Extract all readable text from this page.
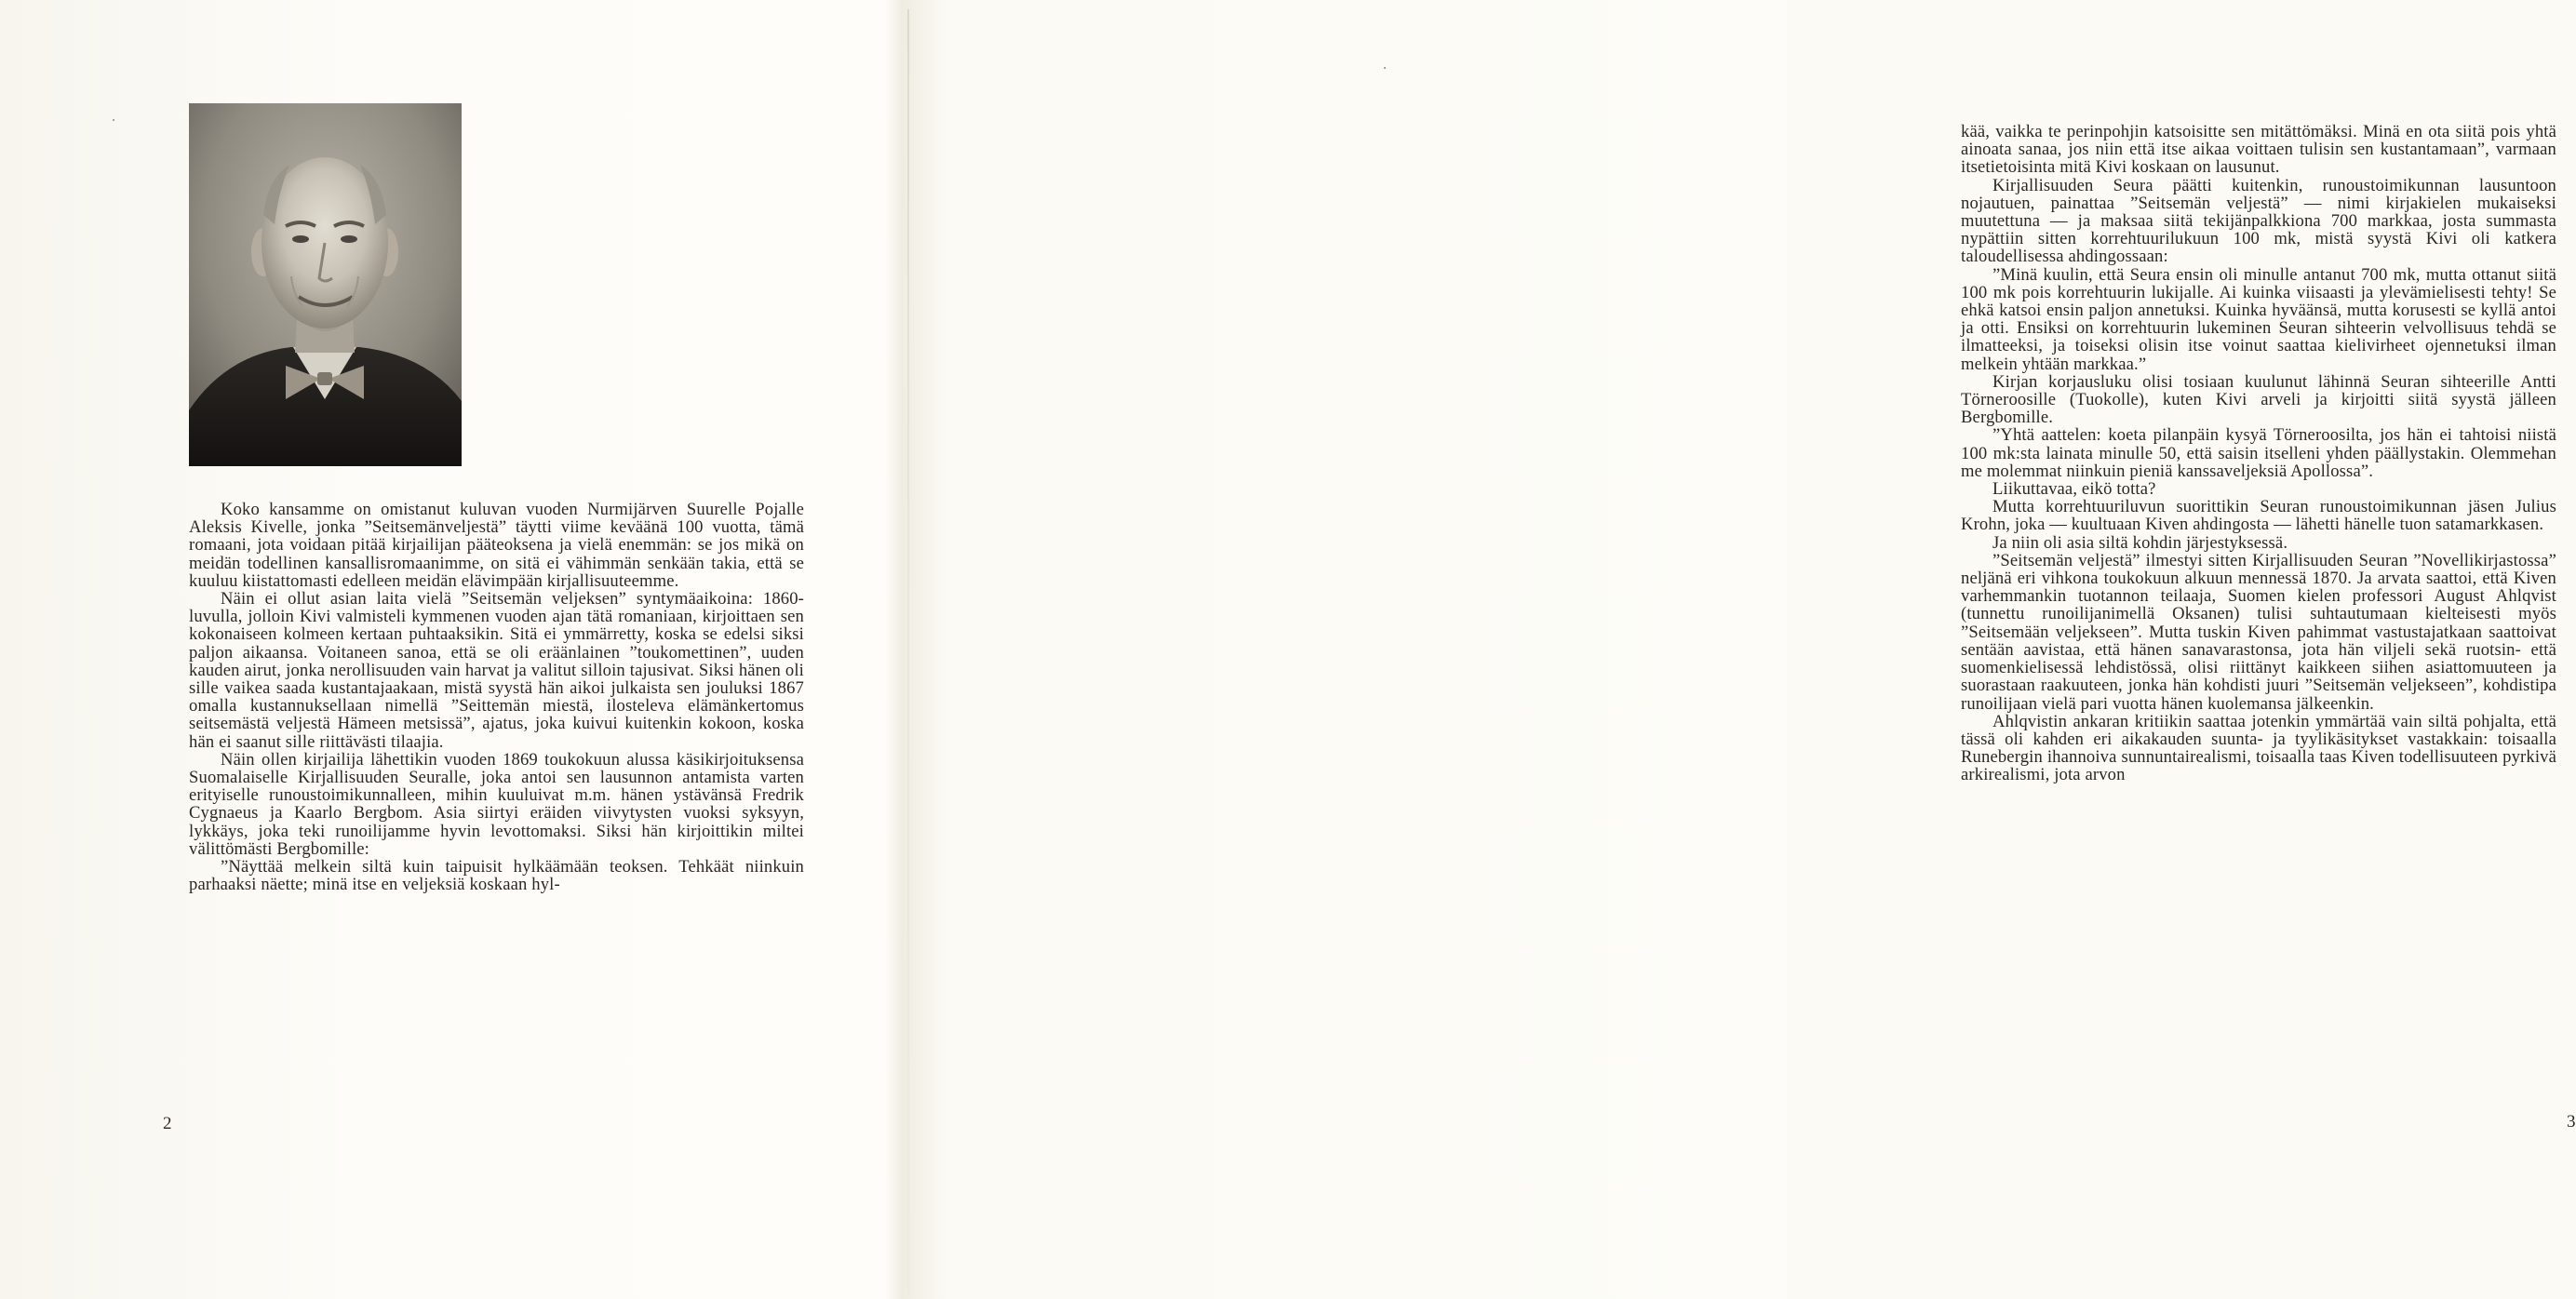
Koko kansamme on omistanut kuluvan vuoden Nurmijärven Suurelle Pojalle Aleksis Kivelle, jonka ”Seitsemänveljestä” täytti viime keväänä 100 vuotta, tämä romaani, jota voidaan pitää kirjailijan pääteoksena ja vielä enemmän: se jos mikä on meidän todellinen kansallisromaanimme, on sitä ei vähimmän senkään takia, että se kuuluu kiistattomasti edelleen meidän elävimpään kirjallisuuteemme.

Näin ei ollut asian laita vielä ”Seitsemän veljeksen” syntymäaikoina: 1860-luvulla, jolloin Kivi valmisteli kymmenen vuoden ajan tätä romaniaan, kirjoittaen sen kokonaiseen kolmeen kertaan puhtaaksikin. Sitä ei ymmärretty, koska se edelsi siksi paljon aikaansa. Voitaneen sanoa, että se oli eräänlainen ”toukomettinen”, uuden kauden airut, jonka nerollisuuden vain harvat ja valitut silloin tajusivat. Siksi hänen oli sille vaikea saada kustantajaakaan, mistä syystä hän aikoi julkaista sen jouluksi 1867 omalla kustannuksellaan nimellä ”Seittemän miestä, ilosteleva elämänkertomus seitsemästä veljestä Hämeen metsissä”, ajatus, joka kuivui kuitenkin kokoon, koska hän ei saanut sille riittävästi tilaajia.

Näin ollen kirjailija lähettikin vuoden 1869 toukokuun alussa käsikirjoituksensa Suomalaiselle Kirjallisuuden Seuralle, joka antoi sen lausunnon antamista varten erityiselle runoustoimikunnalleen, mihin kuuluivat m.m. hänen ystävänsä Fredrik Cygnaeus ja Kaarlo Bergbom. Asia siirtyi eräiden viivytysten vuoksi syksyyn, lykkäys, joka teki runoilijamme hyvin levottomaksi. Siksi hän kirjoittikin miltei välittömästi Bergbomille:

”Näyttää melkein siltä kuin taipuisit hylkäämään teoksen. Tehkäät niinkuin parhaaksi näette; minä itse en veljeksiä koskaan hyl-

2

kää, vaikka te perinpohjin katsoisitte sen mitättömäksi. Minä en ota siitä pois yhtä ainoata sanaa, jos niin että itse aikaa voittaen tulisin sen kustantamaan”, varmaan itsetietoisinta mitä Kivi koskaan on lausunut.

Kirjallisuuden Seura päätti kuitenkin, runoustoimikunnan lausuntoon nojautuen, painattaa ”Seitsemän veljestä” — nimi kirjakielen mukaiseksi muutettuna — ja maksaa siitä tekijänpalkkiona 700 markkaa, josta summasta nypättiin sitten korrehtuurilukuun 100 mk, mistä syystä Kivi oli katkera taloudellisessa ahdingossaan:

”Minä kuulin, että Seura ensin oli minulle antanut 700 mk, mutta ottanut siitä 100 mk pois korrehtuurin lukijalle. Ai kuinka viisaasti ja ylevämielisesti tehty! Se ehkä katsoi ensin paljon annetuksi. Kuinka hyväänsä, mutta korusesti se kyllä antoi ja otti. Ensiksi on korrehtuurin lukeminen Seuran sihteerin velvollisuus tehdä se ilmatteeksi, ja toiseksi olisin itse voinut saattaa kielivirheet ojennetuksi ilman melkein yhtään markkaa.”

Kirjan korjausluku olisi tosiaan kuulunut lähinnä Seuran sihteerille Antti Törneroosille (Tuokolle), kuten Kivi arveli ja kirjoitti siitä syystä jälleen Bergbomille.

”Yhtä aattelen: koeta pilanpäin kysyä Törneroosilta, jos hän ei tahtoisi niistä 100 mk:sta lainata minulle 50, että saisin itselleni yhden päällystakin. Olemmehan me molemmat niinkuin pieniä kanssaveljeksiä Apollossa”.

Liikuttavaa, eikö totta?

Mutta korrehtuuriluvun suorittikin Seuran runoustoimikunnan jäsen Julius Krohn, joka — kuultuaan Kiven ahdingosta — lähetti hänelle tuon satamarkkasen.

Ja niin oli asia siltä kohdin järjestyksessä.

”Seitsemän veljestä” ilmestyi sitten Kirjallisuuden Seuran ”Novellikirjastossa” neljänä eri vihkona toukokuun alkuun mennessä 1870. Ja arvata saattoi, että Kiven varhemmankin tuotannon teilaaja, Suomen kielen professori August Ahlqvist (tunnettu runoilijanimellä Oksanen) tulisi suhtautumaan kielteisesti myös ”Seitsemään veljekseen”. Mutta tuskin Kiven pahimmat vastustajatkaan saattoivat sentään aavistaa, että hänen sanavarastonsa, jota hän viljeli sekä ruotsin- että suomenkielisessä lehdistössä, olisi riittänyt kaikkeen siihen asiattomuuteen ja suorastaan raakuuteen, jonka hän kohdisti juuri ”Seitsemän veljekseen”, kohdistipa runoilijaan vielä pari vuotta hänen kuolemansa jälkeenkin.

Ahlqvistin ankaran kritiikin saattaa jotenkin ymmärtää vain siltä pohjalta, että tässä oli kahden eri aikakauden suunta- ja tyylikäsitykset vastakkain: toisaalla Runebergin ihannoiva sunnuntairealismi, toisaalla taas Kiven todellisuuteen pyrkivä arkirealismi, jota arvon

3
